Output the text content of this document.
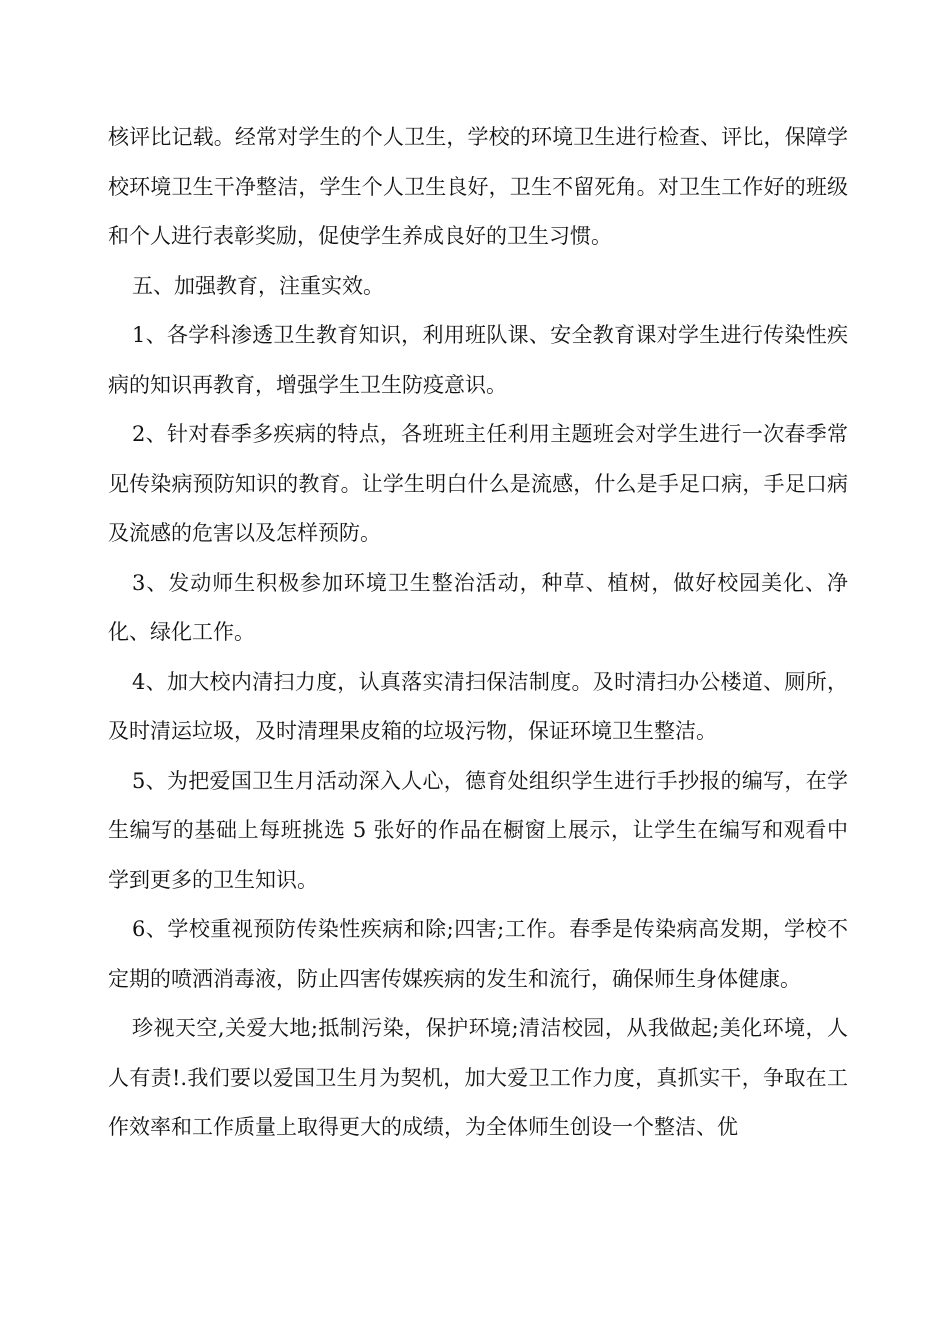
核评比记载。经常对学生的个人卫生，学校的环境卫生进行检查、评比，保障学校环境卫生干净整洁，学生个人卫生良好，卫生不留死角。对卫生工作好的班级和个人进行表彰奖励，促使学生养成良好的卫生习惯。

五、加强教育，注重实效。

1、各学科渗透卫生教育知识，利用班队课、安全教育课对学生进行传染性疾病的知识再教育，增强学生卫生防疫意识。

2、针对春季多疾病的特点，各班班主任利用主题班会对学生进行一次春季常见传染病预防知识的教育。让学生明白什么是流感，什么是手足口病，手足口病及流感的危害以及怎样预防。

3、发动师生积极参加环境卫生整治活动，种草、植树，做好校园美化、净化、绿化工作。

4、加大校内清扫力度，认真落实清扫保洁制度。及时清扫办公楼道、厕所，及时清运垃圾，及时清理果皮箱的垃圾污物，保证环境卫生整洁。

5、为把爱国卫生月活动深入人心，德育处组织学生进行手抄报的编写，在学生编写的基础上每班挑选 5 张好的作品在橱窗上展示，让学生在编写和观看中学到更多的卫生知识。

6、学校重视预防传染性疾病和除;四害;工作。春季是传染病高发期，学校不定期的喷洒消毒液，防止四害传媒疾病的发生和流行，确保师生身体健康。

珍视天空,关爱大地;抵制污染，保护环境;清洁校园，从我做起;美化环境，人人有责!.我们要以爱国卫生月为契机，加大爱卫工作力度，真抓实干，争取在工作效率和工作质量上取得更大的成绩，为全体师生创设一个整洁、优
